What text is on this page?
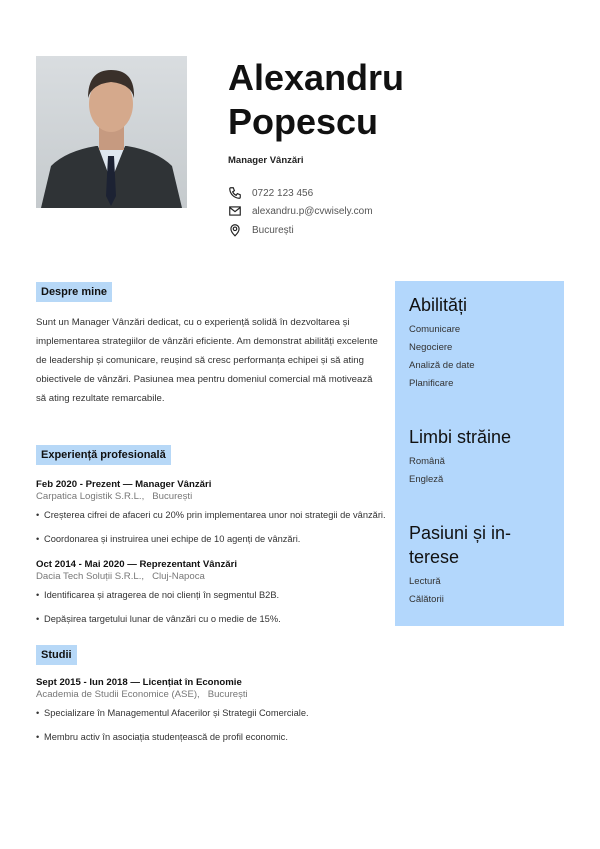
Alexandru
Popescu
Manager Vânzări
0722 123 456
alexandru.p@cvwisely.com
București
Despre mine
Sunt un Manager Vânzări dedicat, cu o experiență solidă în dezvoltarea și implementarea strategiilor de vânzări eficiente. Am demonstrat abilități excelente de leadership și comunicare, reușind să cresc performanța echipei și să ating obiectivele de vânzări. Pasiunea mea pentru domeniul comercial mă motivează să ating rezultate remarcabile.
Experiență profesională
Feb 2020 - Prezent — Manager Vânzări
Carpatica Logistik S.R.L.,   București
• Creșterea cifrei de afaceri cu 20% prin implementarea unor noi strategii de vânzări.
• Coordonarea și instruirea unei echipe de 10 agenți de vânzări.
Oct 2014 - Mai 2020 — Reprezentant Vânzări
Dacia Tech Soluții S.R.L.,   Cluj-Napoca
• Identificarea și atragerea de noi clienți în segmentul B2B.
• Depășirea targetului lunar de vânzări cu o medie de 15%.
Studii
Sept 2015 - Iun 2018 — Licențiat în Economie
Academia de Studii Economice (ASE),   București
• Specializare în Managementul Afacerilor și Strategii Comerciale.
• Membru activ în asociația studențească de profil economic.
Abilități
Comunicare
Negociere
Analiză de date
Planificare
Limbi străine
Română
Engleză
Pasiuni și in-
terese
Lectură
Călătorii
